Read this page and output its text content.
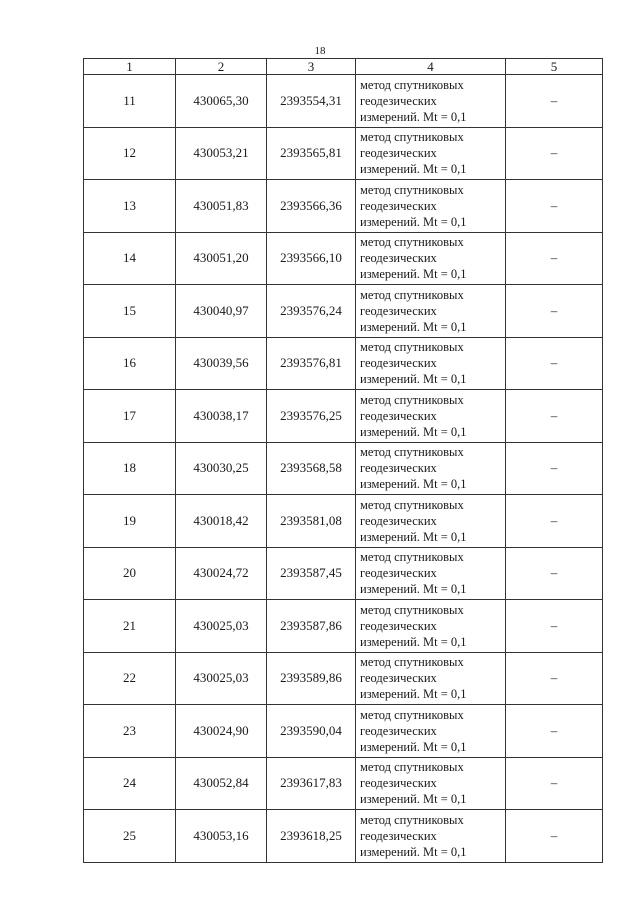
18
1	2	3	4	5
11	430065,30	2393554,31	метод спутниковых
геодезических
измерений. Mt = 0,1	–
12	430053,21	2393565,81	метод спутниковых
геодезических
измерений. Mt = 0,1	–
13	430051,83	2393566,36	метод спутниковых
геодезических
измерений. Mt = 0,1	–
14	430051,20	2393566,10	метод спутниковых
геодезических
измерений. Mt = 0,1	–
15	430040,97	2393576,24	метод спутниковых
геодезических
измерений. Mt = 0,1	–
16	430039,56	2393576,81	метод спутниковых
геодезических
измерений. Mt = 0,1	–
17	430038,17	2393576,25	метод спутниковых
геодезических
измерений. Mt = 0,1	–
18	430030,25	2393568,58	метод спутниковых
геодезических
измерений. Mt = 0,1	–
19	430018,42	2393581,08	метод спутниковых
геодезических
измерений. Mt = 0,1	–
20	430024,72	2393587,45	метод спутниковых
геодезических
измерений. Mt = 0,1	–
21	430025,03	2393587,86	метод спутниковых
геодезических
измерений. Mt = 0,1	–
22	430025,03	2393589,86	метод спутниковых
геодезических
измерений. Mt = 0,1	–
23	430024,90	2393590,04	метод спутниковых
геодезических
измерений. Mt = 0,1	–
24	430052,84	2393617,83	метод спутниковых
геодезических
измерений. Mt = 0,1	–
25	430053,16	2393618,25	метод спутниковых
геодезических
измерений. Mt = 0,1	–
